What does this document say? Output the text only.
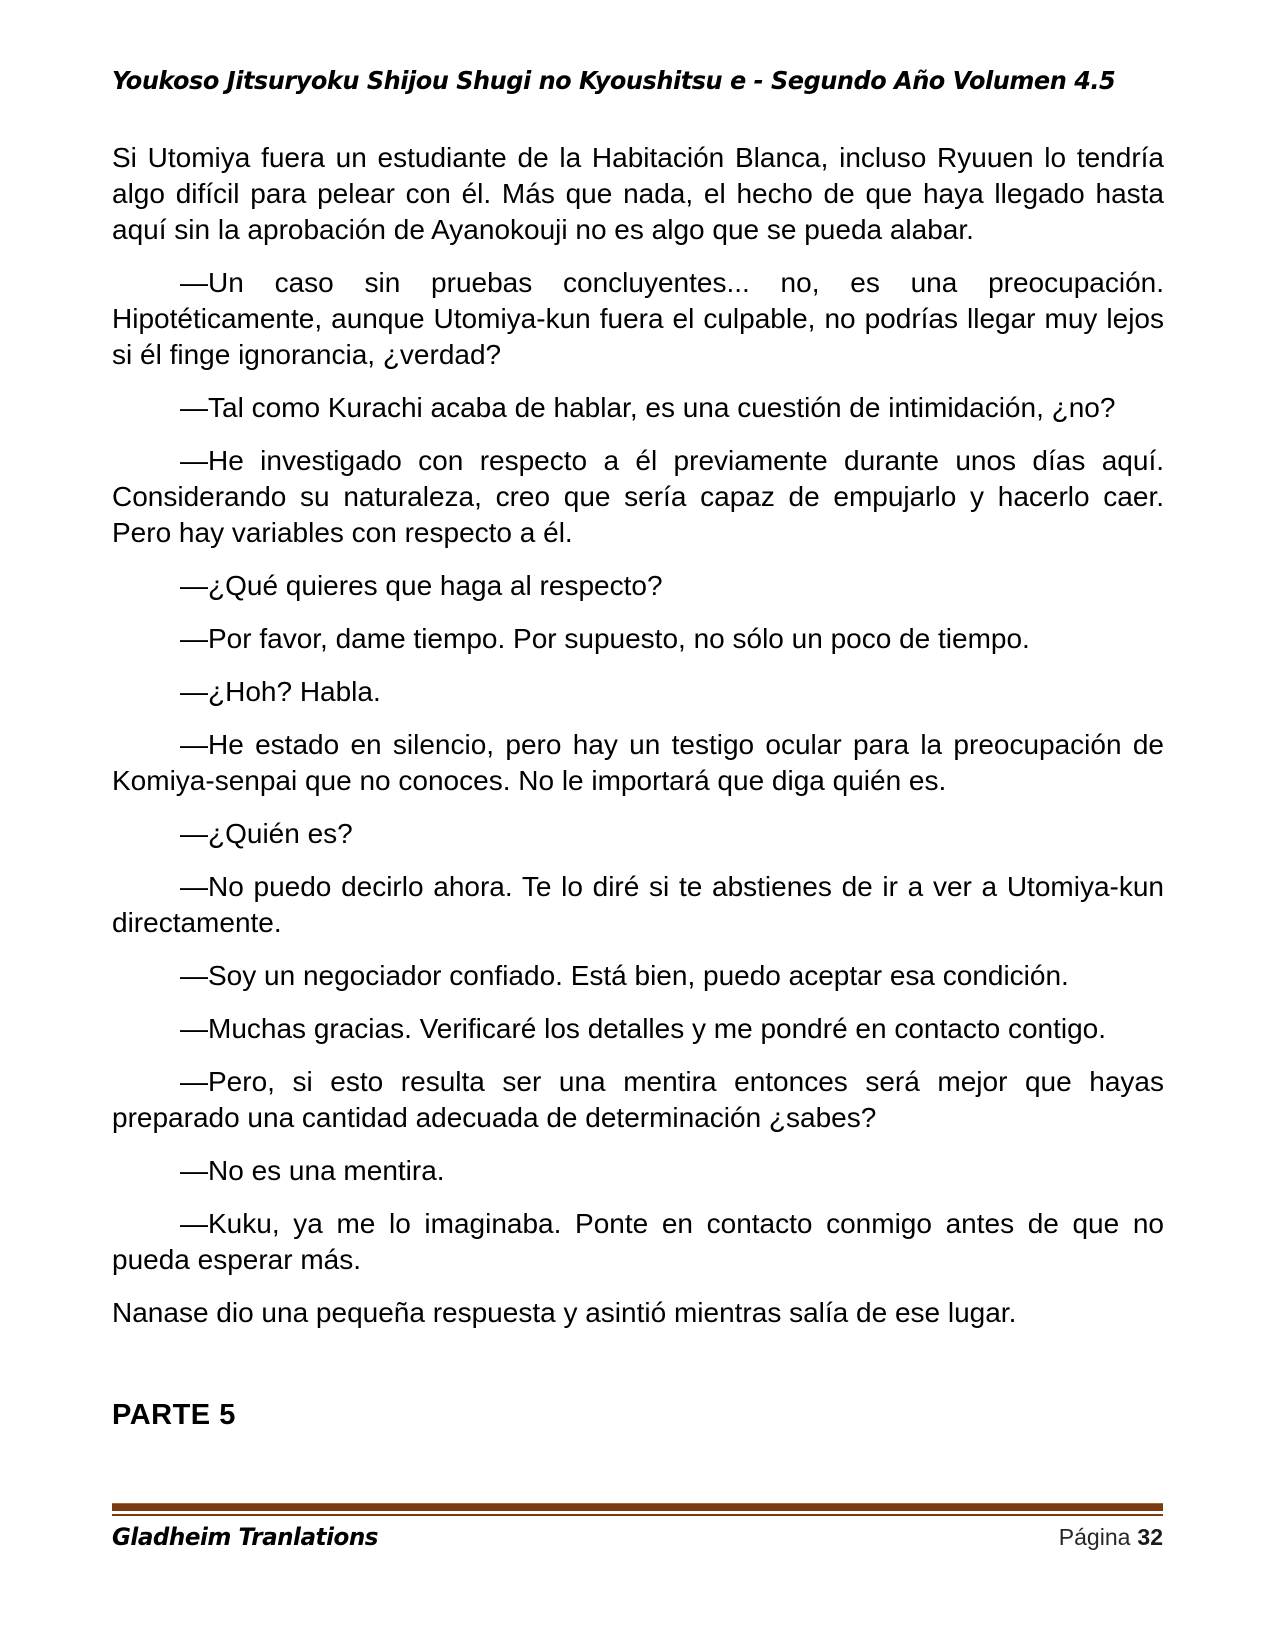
Youkoso Jitsuryoku Shijou Shugi no Kyoushitsu e - Segundo Año Volumen 4.5

Si Utomiya fuera un estudiante de la Habitación Blanca, incluso Ryuuen lo tendría algo difícil para pelear con él. Más que nada, el hecho de que haya llegado hasta aquí sin la aprobación de Ayanokouji no es algo que se pueda alabar.

—Un caso sin pruebas concluyentes... no, es una preocupación. Hipotéticamente, aunque Utomiya-kun fuera el culpable, no podrías llegar muy lejos si él finge ignorancia, ¿verdad?

—Tal como Kurachi acaba de hablar, es una cuestión de intimidación, ¿no?

—He investigado con respecto a él previamente durante unos días aquí. Considerando su naturaleza, creo que sería capaz de empujarlo y hacerlo caer. Pero hay variables con respecto a él.

—¿Qué quieres que haga al respecto?

—Por favor, dame tiempo. Por supuesto, no sólo un poco de tiempo.

—¿Hoh? Habla.

—He estado en silencio, pero hay un testigo ocular para la preocupación de Komiya-senpai que no conoces. No le importará que diga quién es.

—¿Quién es?

—No puedo decirlo ahora. Te lo diré si te abstienes de ir a ver a Utomiya-kun directamente.

—Soy un negociador confiado. Está bien, puedo aceptar esa condición.

—Muchas gracias. Verificaré los detalles y me pondré en contacto contigo.

—Pero, si esto resulta ser una mentira entonces será mejor que hayas preparado una cantidad adecuada de determinación ¿sabes?

—No es una mentira.

—Kuku, ya me lo imaginaba. Ponte en contacto conmigo antes de que no pueda esperar más.

Nanase dio una pequeña respuesta y asintió mientras salía de ese lugar.

PARTE 5
Gladheim Tranlations	Página 32
